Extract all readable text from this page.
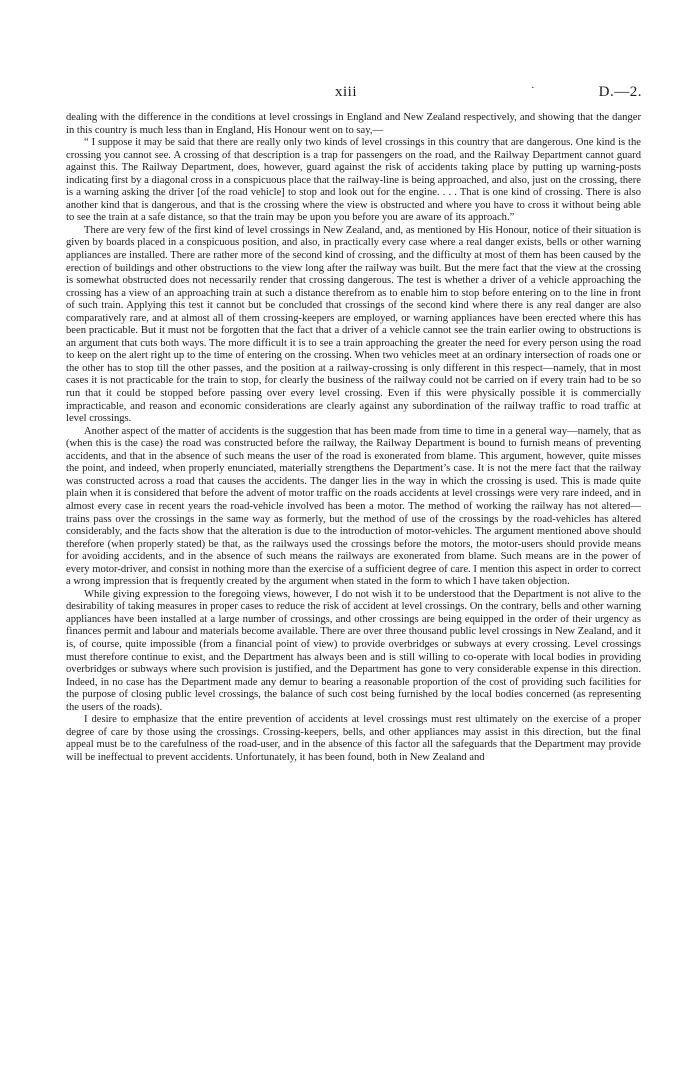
xiii	·	D.—2.

dealing with the difference in the conditions at level crossings in England and New Zealand respectively, and showing that the danger in this country is much less than in England, His Honour went on to say,—

“ I suppose it may be said that there are really only two kinds of level crossings in this country that are dangerous. One kind is the crossing you cannot see. A crossing of that description is a trap for passengers on the road, and the Railway Department cannot guard against this. The Railway Department, does, however, guard against the risk of accidents taking place by putting up warning-posts indicating first by a diagonal cross in a conspicuous place that the railway-line is being approached, and also, just on the crossing, there is a warning asking the driver [of the road vehicle] to stop and look out for the engine. . . . That is one kind of crossing. There is also another kind that is dangerous, and that is the crossing where the view is obstructed and where you have to cross it without being able to see the train at a safe distance, so that the train may be upon you before you are aware of its approach.”

There are very few of the first kind of level crossings in New Zealand, and, as mentioned by His Honour, notice of their situation is given by boards placed in a conspicuous position, and also, in practically every case where a real danger exists, bells or other warning appliances are installed. There are rather more of the second kind of crossing, and the difficulty at most of them has been caused by the erection of buildings and other obstructions to the view long after the railway was built. But the mere fact that the view at the crossing is somewhat obstructed does not necessarily render that crossing dangerous. The test is whether a driver of a vehicle approaching the crossing has a view of an approaching train at such a distance therefrom as to enable him to stop before entering on to the line in front of such train. Applying this test it cannot but be concluded that crossings of the second kind where there is any real danger are also comparatively rare, and at almost all of them crossing-keepers are employed, or warning appliances have been erected where this has been practicable. But it must not be forgotten that the fact that a driver of a vehicle cannot see the train earlier owing to obstructions is an argument that cuts both ways. The more difficult it is to see a train approaching the greater the need for every person using the road to keep on the alert right up to the time of entering on the crossing. When two vehicles meet at an ordinary intersection of roads one or the other has to stop till the other passes, and the position at a railway-crossing is only different in this respect—namely, that in most cases it is not practicable for the train to stop, for clearly the business of the railway could not be carried on if every train had to be so run that it could be stopped before passing over every level crossing. Even if this were physically possible it is commercially impracticable, and reason and economic considerations are clearly against any subordination of the railway traffic to road traffic at level crossings.

Another aspect of the matter of accidents is the suggestion that has been made from time to time in a general way—namely, that as (when this is the case) the road was constructed before the railway, the Railway Department is bound to furnish means of preventing accidents, and that in the absence of such means the user of the road is exonerated from blame. This argument, however, quite misses the point, and indeed, when properly enunciated, materially strengthens the Department’s case. It is not the mere fact that the railway was constructed across a road that causes the accidents. The danger lies in the way in which the crossing is used. This is made quite plain when it is considered that before the advent of motor traffic on the roads accidents at level crossings were very rare indeed, and in almost every case in recent years the road-vehicle involved has been a motor. The method of working the railway has not altered—trains pass over the crossings in the same way as formerly, but the method of use of the crossings by the road-vehicles has altered considerably, and the facts show that the alteration is due to the introduction of motor-vehicles. The argument mentioned above should therefore (when properly stated) be that, as the railways used the crossings before the motors, the motor-users should provide means for avoiding accidents, and in the absence of such means the railways are exonerated from blame. Such means are in the power of every motor-driver, and consist in nothing more than the exercise of a sufficient degree of care. I mention this aspect in order to correct a wrong impression that is frequently created by the argument when stated in the form to which I have taken objection.

While giving expression to the foregoing views, however, I do not wish it to be understood that the Department is not alive to the desirability of taking measures in proper cases to reduce the risk of accident at level crossings. On the contrary, bells and other warning appliances have been installed at a large number of crossings, and other crossings are being equipped in the order of their urgency as finances permit and labour and materials become available. There are over three thousand public level crossings in New Zealand, and it is, of course, quite impossible (from a financial point of view) to provide overbridges or subways at every crossing. Level crossings must therefore continue to exist, and the Department has always been and is still willing to co-operate with local bodies in providing overbridges or subways where such provision is justified, and the Department has gone to very considerable expense in this direction. Indeed, in no case has the Department made any demur to bearing a reasonable proportion of the cost of providing such facilities for the purpose of closing public level crossings, the balance of such cost being furnished by the local bodies concerned (as representing the users of the roads).

I desire to emphasize that the entire prevention of accidents at level crossings must rest ultimately on the exercise of a proper degree of care by those using the crossings. Crossing-keepers, bells, and other appliances may assist in this direction, but the final appeal must be to the carefulness of the road-user, and in the absence of this factor all the safeguards that the Department may provide will be ineffectual to prevent accidents. Unfortunately, it has been found, both in New Zealand and
